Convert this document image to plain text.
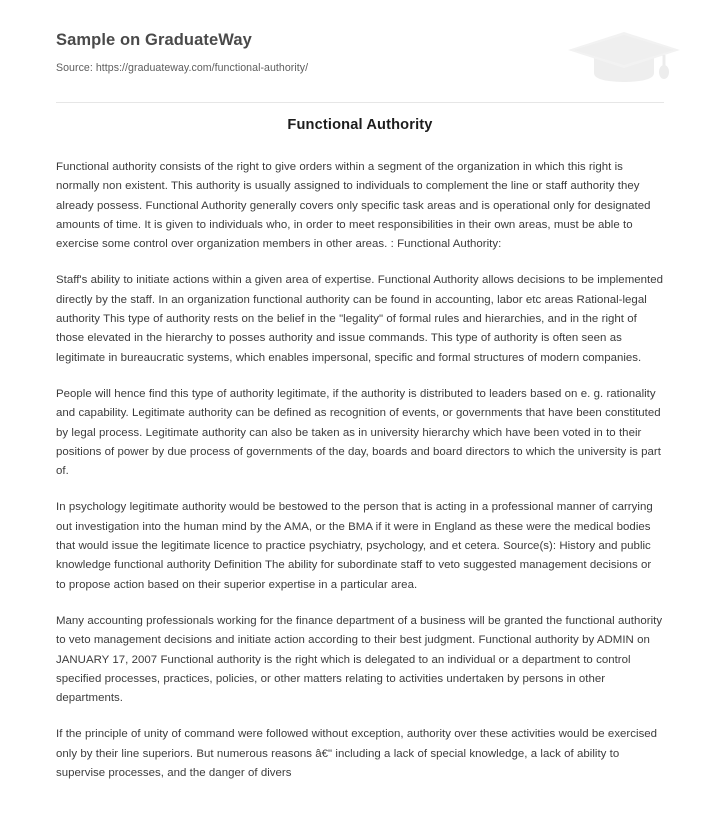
Sample on GraduateWay
Source: https://graduateway.com/functional-authority/
Functional Authority

Functional authority consists of the right to give orders within a segment of the organization in which this right is normally non existent. This authority is usually assigned to individuals to complement the line or staff authority they already possess. Functional Authority generally covers only specific task areas and is operational only for designated amounts of time. It is given to individuals who, in order to meet responsibilities in their own areas, must be able to exercise some control over organization members in other areas. : Functional Authority:

Staff's ability to initiate actions within a given area of expertise. Functional Authority allows decisions to be implemented directly by the staff. In an organization functional authority can be found in accounting, labor etc areas Rational-legal authority This type of authority rests on the belief in the "legality" of formal rules and hierarchies, and in the right of those elevated in the hierarchy to posses authority and issue commands. This type of authority is often seen as legitimate in bureaucratic systems, which enables impersonal, specific and formal structures of modern companies.

People will hence find this type of authority legitimate, if the authority is distributed to leaders based on e. g. rationality and capability. Legitimate authority can be defined as recognition of events, or governments that have been constituted by legal process. Legitimate authority can also be taken as in university hierarchy which have been voted in to their positions of power by due process of governments of the day, boards and board directors to which the university is part of.

In psychology legitimate authority would be bestowed to the person that is acting in a professional manner of carrying out investigation into the human mind by the AMA, or the BMA if it were in England as these were the medical bodies that would issue the legitimate licence to practice psychiatry, psychology, and et cetera. Source(s): History and public knowledge functional authority Definition The ability for subordinate staff to veto suggested management decisions or to propose action based on their superior expertise in a particular area.

Many accounting professionals working for the finance department of a business will be granted the functional authority to veto management decisions and initiate action according to their best judgment. Functional authority by ADMIN on JANUARY 17, 2007 Functional authority is the right which is delegated to an individual or a department to control specified processes, practices, policies, or other matters relating to activities undertaken by persons in other departments.

If the principle of unity of command were followed without exception, authority over these activities would be exercised only by their line superiors. But numerous reasons â€" including a lack of special knowledge, a lack of ability to supervise processes, and the danger of divers
